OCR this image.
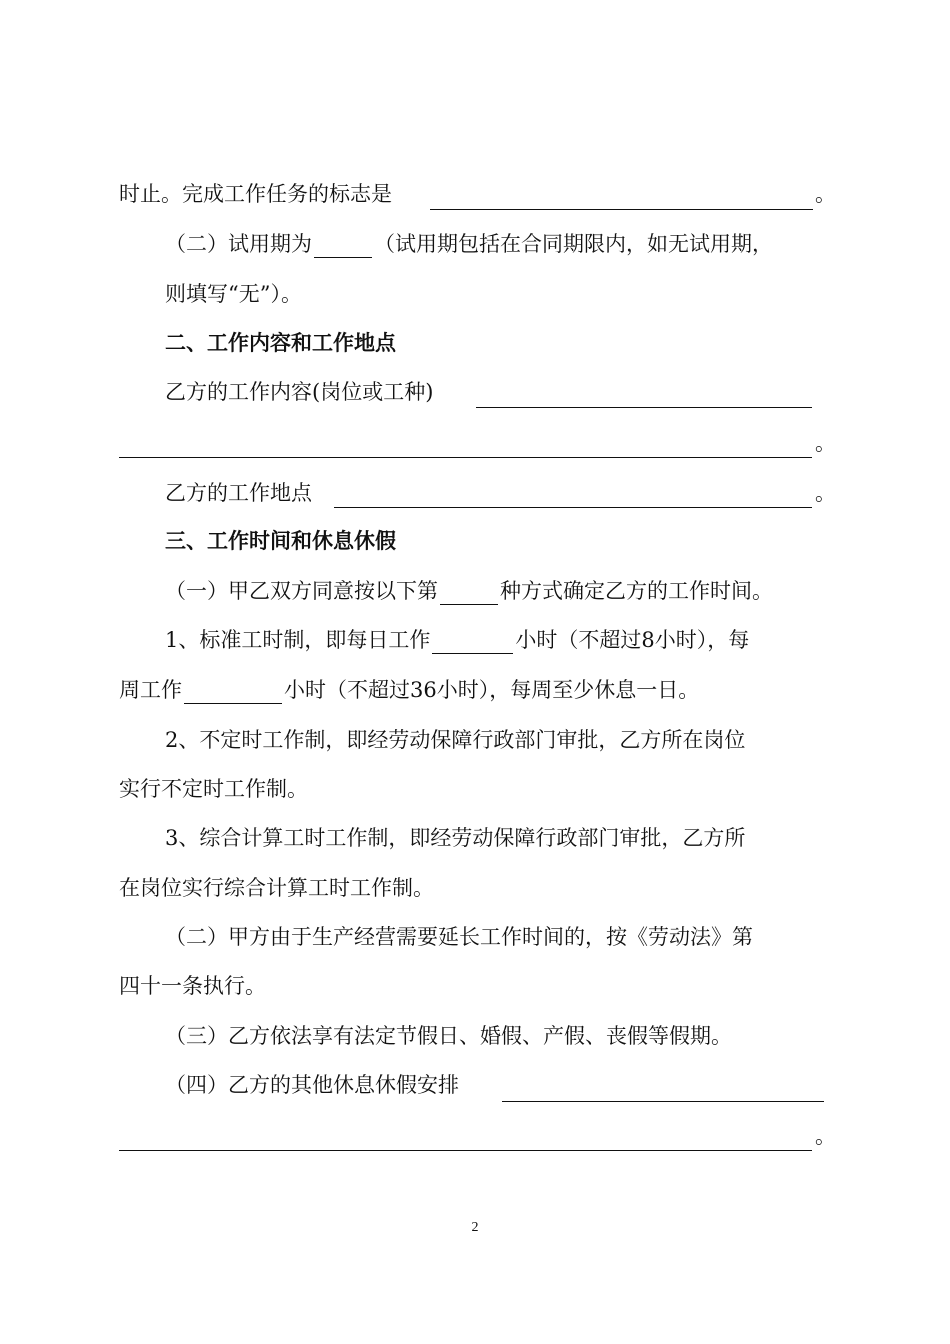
时止。完成工作任务的标志是	。
（二）试用期为	（试用期包括在合同期限内，如无试用期，
则填写“无”）。
二、工作内容和工作地点
乙方的工作内容(岗位或工种)
。
乙方的工作地点	。
三、工作时间和休息休假
（一）甲乙双方同意按以下第	种方式确定乙方的工作时间。
1、标准工时制，即每日工作	小时（不超过8小时），每
周工作	小时（不超过36小时），每周至少休息一日。
2、不定时工作制，即经劳动保障行政部门审批，乙方所在岗位
实行不定时工作制。
3、综合计算工时工作制，即经劳动保障行政部门审批，乙方所
在岗位实行综合计算工时工作制。
（二）甲方由于生产经营需要延长工作时间的，按《劳动法》第
四十一条执行。
（三）乙方依法享有法定节假日、婚假、产假、丧假等假期。
（四）乙方的其他休息休假安排
。
2
